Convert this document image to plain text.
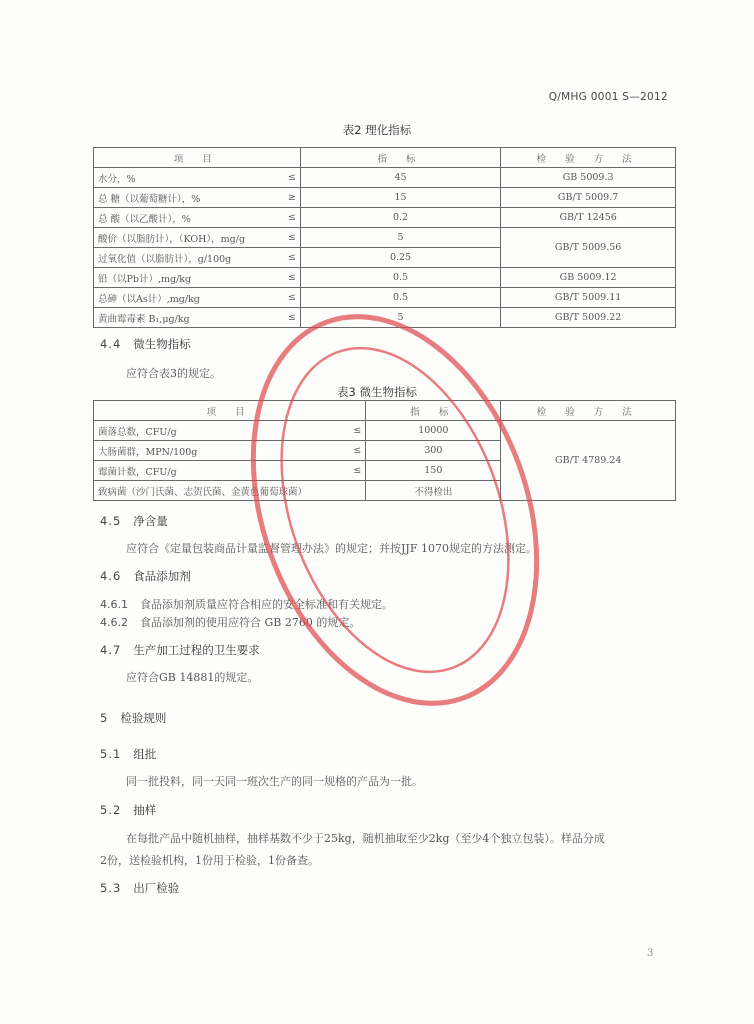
Q/MHG 0001 S—2012
表2 理化指标
项 目		指 标	检 验 方 法
水分，%	≤	45	GB 5009.3
总 糖（以葡萄糖计），%	≥	15	GB/T 5009.7
总 酸（以乙酸计），%	≤	0.2	GB/T 12456
酸价（以脂肪计），（KOH），mg/g	≤	5	GB/T 5009.56
过氧化值（以脂肪计），g/100g	≤	0.25	
铅（以Pb计）,mg/kg	≤	0.5	GB 5009.12
总砷（以As计）,mg/kg	≤	0.5	GB/T 5009.11
黄曲霉毒素 B₁,μg/kg	≤	5	GB/T 5009.22
4.4 微生物指标
应符合表3的规定。
表3 微生物指标
项 目		指 标	检 验 方 法
菌落总数，CFU/g	≤	10000	GB/T 4789.24
大肠菌群，MPN/100g	≤	300	
霉菌计数，CFU/g	≤	150	
致病菌（沙门氏菌、志贺氏菌、金黄色葡萄球菌）		不得检出	
4.5 净含量
应符合《定量包装商品计量监督管理办法》的规定；并按JJF 1070规定的方法测定。
4.6 食品添加剂
4.6.1 食品添加剂质量应符合相应的安全标准和有关规定。
4.6.2 食品添加剂的使用应符合 GB 2760 的规定。
4.7 生产加工过程的卫生要求
应符合GB 14881的规定。
5 检验规则
5.1 组批
同一批投料，同一天同一班次生产的同一规格的产品为一批。
5.2 抽样
在每批产品中随机抽样，抽样基数不少于25kg，随机抽取至少2kg（至少4个独立包装）。样品分成
2份，送检验机构，1份用于检验，1份备查。
5.3 出厂检验
3
